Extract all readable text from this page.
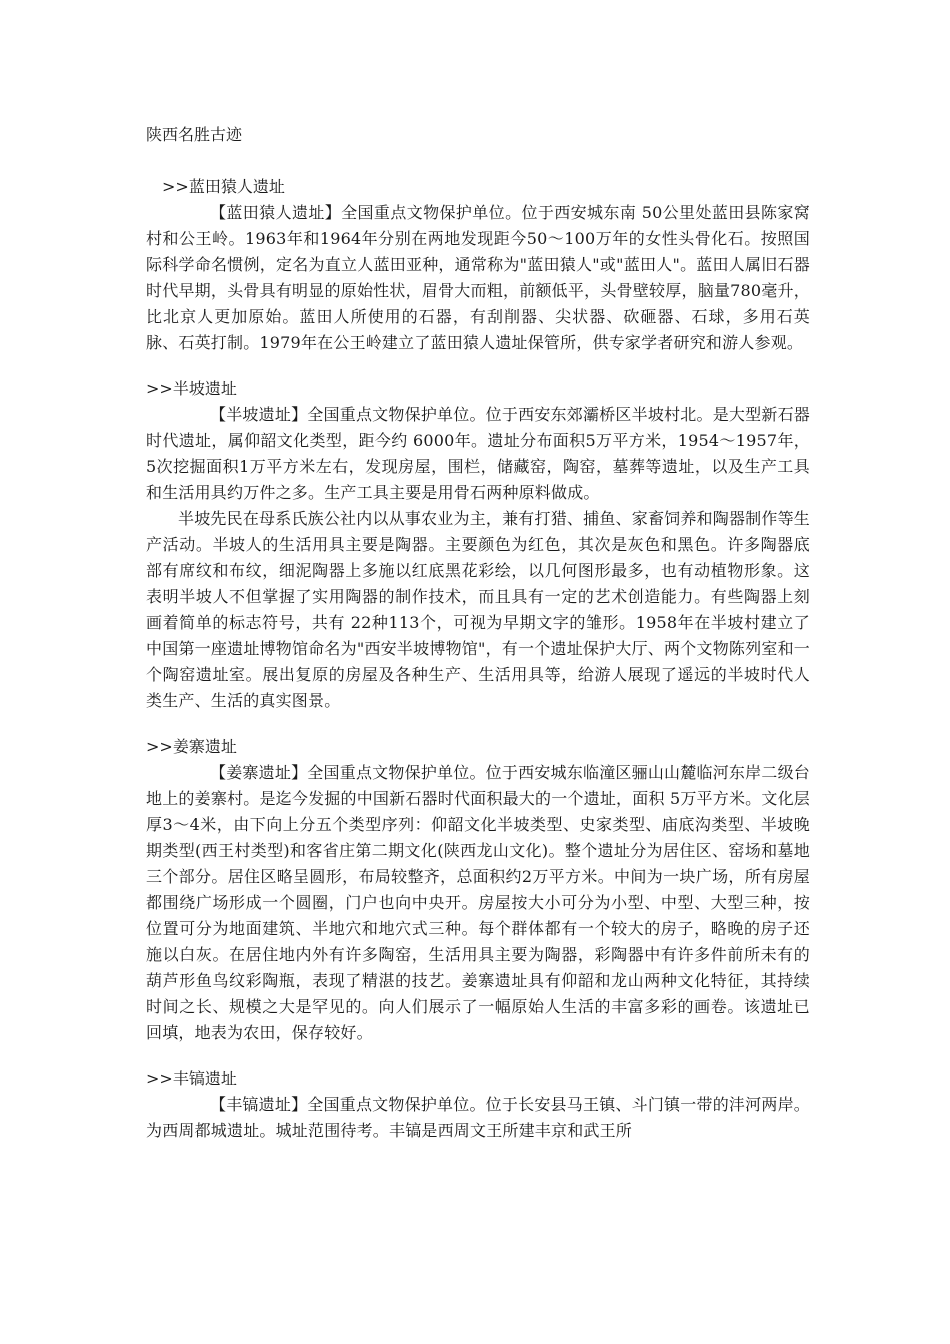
陕西名胜古迹
>>蓝田猿人遗址

【蓝田猿人遗址】全国重点文物保护单位。位于西安城东南 50公里处蓝田县陈家窝村和公王岭。1963年和1964年分别在两地发现距今50～100万年的女性头骨化石。按照国际科学命名惯例，定名为直立人蓝田亚种，通常称为"蓝田猿人"或"蓝田人"。蓝田人属旧石器时代早期，头骨具有明显的原始性状，眉骨大而粗，前额低平，头骨壁较厚，脑量780毫升，比北京人更加原始。蓝田人所使用的石器，有刮削器、尖状器、砍砸器、石球，多用石英脉、石英打制。1979年在公王岭建立了蓝田猿人遗址保管所，供专家学者研究和游人参观。

>>半坡遗址

【半坡遗址】全国重点文物保护单位。位于西安东郊灞桥区半坡村北。是大型新石器时代遗址，属仰韶文化类型，距今约 6000年。遗址分布面积5万平方米，1954～1957年，5次挖掘面积1万平方米左右，发现房屋，围栏，储藏窑，陶窑，墓葬等遗址，以及生产工具和生活用具约万件之多。生产工具主要是用骨石两种原料做成。

半坡先民在母系氏族公社内以从事农业为主，兼有打猎、捕鱼、家畜饲养和陶器制作等生产活动。半坡人的生活用具主要是陶器。主要颜色为红色，其次是灰色和黑色。许多陶器底部有席纹和布纹，细泥陶器上多施以红底黑花彩绘，以几何图形最多，也有动植物形象。这表明半坡人不但掌握了实用陶器的制作技术，而且具有一定的艺术创造能力。有些陶器上刻画着简单的标志符号，共有 22种113个，可视为早期文字的雏形。1958年在半坡村建立了中国第一座遗址博物馆命名为"西安半坡博物馆"，有一个遗址保护大厅、两个文物陈列室和一个陶窑遗址室。展出复原的房屋及各种生产、生活用具等，给游人展现了遥远的半坡时代人类生产、生活的真实图景。

>>姜寨遗址

【姜寨遗址】全国重点文物保护单位。位于西安城东临潼区骊山山麓临河东岸二级台地上的姜寨村。是迄今发掘的中国新石器时代面积最大的一个遗址，面积 5万平方米。文化层厚3～4米，由下向上分五个类型序列：仰韶文化半坡类型、史家类型、庙底沟类型、半坡晚期类型(西王村类型)和客省庄第二期文化(陕西龙山文化)。整个遗址分为居住区、窑场和墓地三个部分。居住区略呈圆形，布局较整齐，总面积约2万平方米。中间为一块广场，所有房屋都围绕广场形成一个圆圈，门户也向中央开。房屋按大小可分为小型、中型、大型三种，按位置可分为地面建筑、半地穴和地穴式三种。每个群体都有一个较大的房子，略晚的房子还施以白灰。在居住地内外有许多陶窑，生活用具主要为陶器，彩陶器中有许多件前所未有的葫芦形鱼鸟纹彩陶瓶，表现了精湛的技艺。姜寨遗址具有仰韶和龙山两种文化特征，其持续时间之长、规模之大是罕见的。向人们展示了一幅原始人生活的丰富多彩的画卷。该遗址已回填，地表为农田，保存较好。

>>丰镐遗址

【丰镐遗址】全国重点文物保护单位。位于长安县马王镇、斗门镇一带的沣河两岸。为西周都城遗址。城址范围待考。丰镐是西周文王所建丰京和武王所
